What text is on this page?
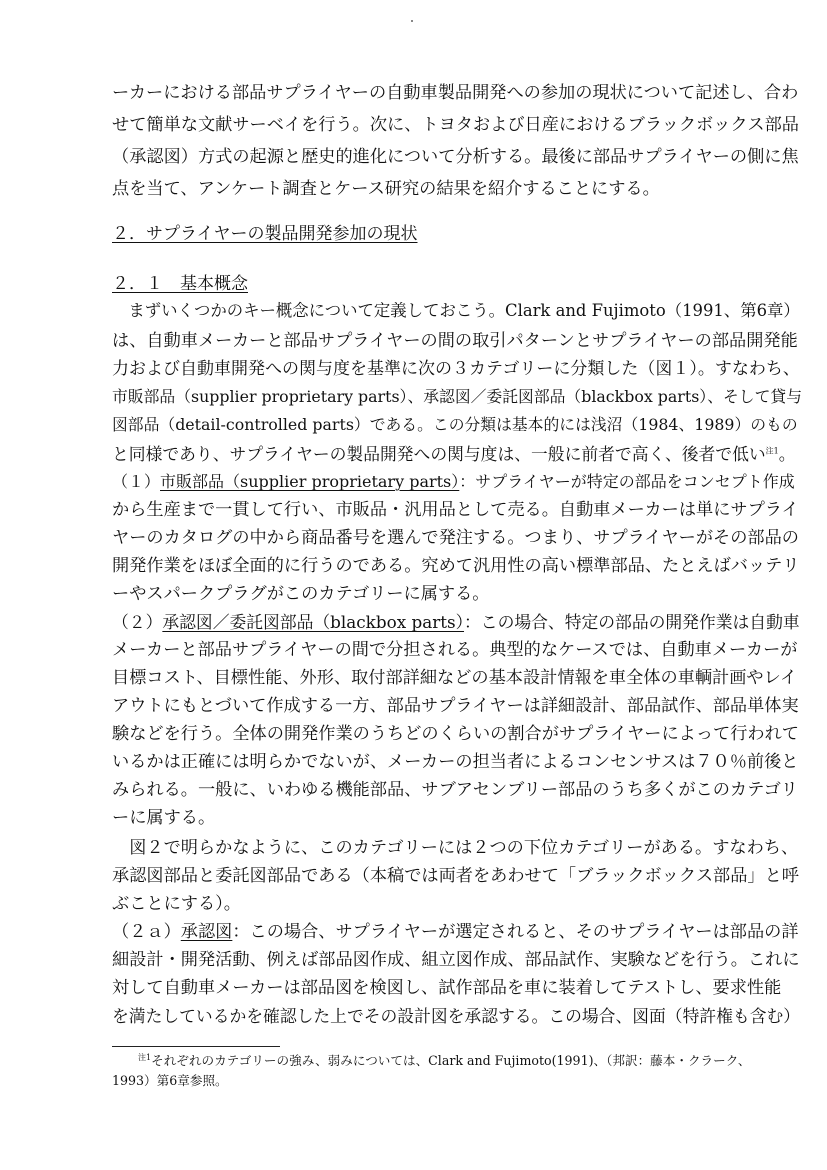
ーカーにおける部品サプライヤーの自動車製品開発への参加の現状について記述し、合わ
せて簡単な文献サーベイを行う。次に、トヨタおよび日産におけるブラックボックス部品
（承認図）方式の起源と歴史的進化について分析する。最後に部品サプライヤーの側に焦
点を当て、アンケート調査とケース研究の結果を紹介することにする。
２．サプライヤーの製品開発参加の現状
２．１　基本概念
　まずいくつかのキー概念について定義しておこう。Clark and Fujimoto（1991、第6章）
は、自動車メーカーと部品サプライヤーの間の取引パターンとサプライヤーの部品開発能
力および自動車開発への関与度を基準に次の３カテゴリーに分類した（図１）。すなわち、
市販部品（supplier proprietary parts）、承認図／委託図部品（blackbox parts）、そして貸与
図部品（detail-controlled parts）である。この分類は基本的には浅沼（1984、1989）のもの
と同様であり、サプライヤーの製品開発への関与度は、一般に前者で高く、後者で低い$^{注1}$。
（１）市販部品（supplier proprietary parts）：サプライヤーが特定の部品をコンセプト作成
から生産まで一貫して行い、市販品・汎用品として売る。自動車メーカーは単にサプライ
ヤーのカタログの中から商品番号を選んで発注する。つまり、サプライヤーがその部品の
開発作業をほぼ全面的に行うのである。究めて汎用性の高い標準部品、たとえばバッテリ
ーやスパークプラグがこのカテゴリーに属する。
（２）承認図／委託図部品（blackbox parts）：この場合、特定の部品の開発作業は自動車
メーカーと部品サプライヤーの間で分担される。典型的なケースでは、自動車メーカーが
目標コスト、目標性能、外形、取付部詳細などの基本設計情報を車全体の車輌計画やレイ
アウトにもとづいて作成する一方、部品サプライヤーは詳細設計、部品試作、部品単体実
験などを行う。全体の開発作業のうちどのくらいの割合がサプライヤーによって行われて
いるかは正確には明らかでないが、メーカーの担当者によるコンセンサスは７０％前後と
みられる。一般に、いわゆる機能部品、サブアセンブリー部品のうち多くがこのカテゴリ
ーに属する。
　図２で明らかなように、このカテゴリーには２つの下位カテゴリーがある。すなわち、
承認図部品と委託図部品である（本稿では両者をあわせて「ブラックボックス部品」と呼
ぶことにする）。
（２ａ）承認図：この場合、サプライヤーが選定されると、そのサプライヤーは部品の詳
細設計・開発活動、例えば部品図作成、組立図作成、部品試作、実験などを行う。これに
対して自動車メーカーは部品図を検図し、試作部品を車に装着してテストし、要求性能
を満たしているかを確認した上でその設計図を承認する。この場合、図面（特許権も含む）
$^{注1}$それぞれのカテゴリーの強み、弱みについては、Clark and Fujimoto(1991)、（邦訳：藤本・クラーク、
1993）第6章参照。
